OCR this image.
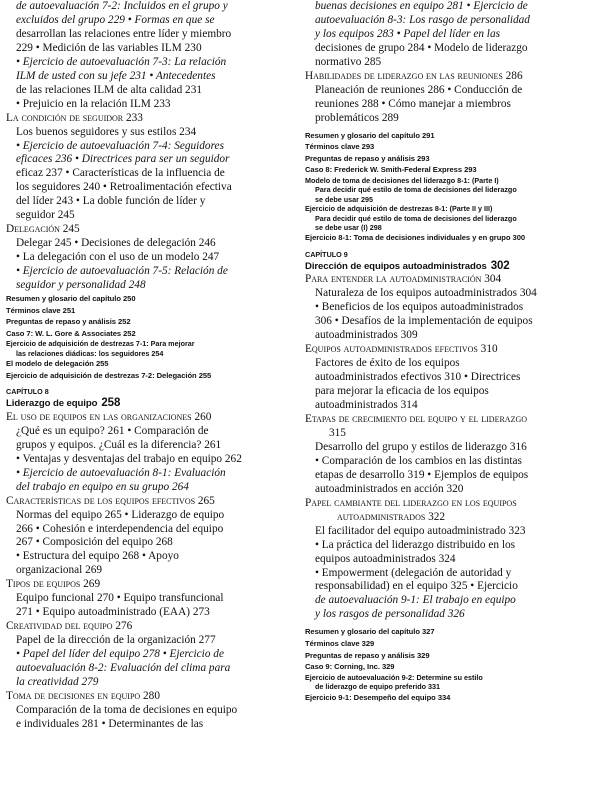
de autoevaluación 7-2: Incluidos en el grupo y

excluidos del grupo 229 • Formas en que se

desarrollan las relaciones entre líder y miembro

229 • Medición de las variables ILM 230

• Ejercicio de autoevaluación 7-3: La relación

ILM de usted con su jefe 231 • Antecedentes

de las relaciones ILM de alta calidad 231

• Prejuicio en la relación ILM 233

La condición de seguidor 233

Los buenos seguidores y sus estilos 234

• Ejercicio de autoevaluación 7-4: Seguidores

eficaces 236 • Directrices para ser un seguidor

eficaz 237 • Características de la influencia de

los seguidores 240 • Retroalimentación efectiva

del líder 243 • La doble función de líder y

seguidor 245

Delegación 245

Delegar 245 • Decisiones de delegación 246

• La delegación con el uso de un modelo 247

• Ejercicio de autoevaluación 7-5: Relación de

seguidor y personalidad 248

Resumen y glosario del capítulo 250

Términos clave 251

Preguntas de repaso y análisis 252

Caso 7: W. L. Gore & Associates 252

Ejercicio de adquisición de destrezas 7-1: Para mejorar

las relaciones diádicas: los seguidores 254

El modelo de delegación 255

Ejercicio de adquisición de destrezas 7-2: Delegación 255

CAPÍTULO 8

Liderazgo de equipo 258

El uso de equipos en las organizaciones 260

¿Qué es un equipo? 261 • Comparación de

grupos y equipos. ¿Cuál es la diferencia? 261

• Ventajas y desventajas del trabajo en equipo 262

• Ejercicio de autoevaluación 8-1: Evaluación

del trabajo en equipo en su grupo 264

Características de los equipos efectivos 265

Normas del equipo 265 • Liderazgo de equipo

266 • Cohesión e interdependencia del equipo

267 • Composición del equipo 268

• Estructura del equipo 268 • Apoyo

organizacional 269

Tipos de equipos 269

Equipo funcional 270 • Equipo transfuncional

271 • Equipo autoadministrado (EAA) 273

Creatividad del equipo 276

Papel de la dirección de la organización 277

• Papel del líder del equipo 278 • Ejercicio de

autoevaluación 8-2: Evaluación del clima para

la creatividad 279

Toma de decisiones en equipo 280

Comparación de la toma de decisiones en equipo

e individuales 281 • Determinantes de las

buenas decisiones en equipo 281 • Ejercicio de

autoevaluación 8-3: Los rasgo de personalidad

y los equipos 283 • Papel del líder en las

decisiones de grupo 284 • Modelo de liderazgo

normativo 285

Habilidades de liderazgo en las reuniones 286

Planeación de reuniones 286 • Conducción de

reuniones 288 • Cómo manejar a miembros

problemáticos 289

Resumen y glosario del capítulo 291

Términos clave 293

Preguntas de repaso y análisis 293

Caso 8: Frederick W. Smith-Federal Express 293

Modelo de toma de decisiones del liderazgo 8-1: (Parte I)

Para decidir qué estilo de toma de decisiones del liderazgo

se debe usar 295

Ejercicio de adquisición de destrezas 8-1: (Parte II y III)

Para decidir qué estilo de toma de decisiones del liderazgo

se debe usar (I) 298

Ejercicio 8-1: Toma de decisiones individuales y en grupo 300

CAPÍTULO 9

Dirección de equipos autoadministrados 302

Para entender la autoadministración 304

Naturaleza de los equipos autoadministrados 304

• Beneficios de los equipos autoadministrados

306 • Desafíos de la implementación de equipos

autoadministrados 309

Equipos autoadministrados efectivos 310

Factores de éxito de los equipos

autoadministrados efectivos 310 • Directrices

para mejorar la eficacia de los equipos

autoadministrados 314

Etapas de crecimiento del equipo y el liderazgo

315

Desarrollo del grupo y estilos de liderazgo 316

• Comparación de los cambios en las distintas

etapas de desarrollo 319 • Ejemplos de equipos

autoadministrados en acción 320

Papel cambiante del liderazgo en los equipos

autoadministrados 322

El facilitador del equipo autoadministrado 323

• La práctica del liderazgo distribuido en los

equipos autoadministrados 324

• Empowerment (delegación de autoridad y

responsabilidad) en el equipo 325 • Ejercicio

de autoevaluación 9-1: El trabajo en equipo

y los rasgos de personalidad 326

Resumen y glosario del capítulo 327

Términos clave 329

Preguntas de repaso y análisis 329

Caso 9: Corning, Inc. 329

Ejercicio de autoevaluación 9-2: Determine su estilo

de liderazgo de equipo preferido 331

Ejercicio 9-1: Desempeño del equipo 334
